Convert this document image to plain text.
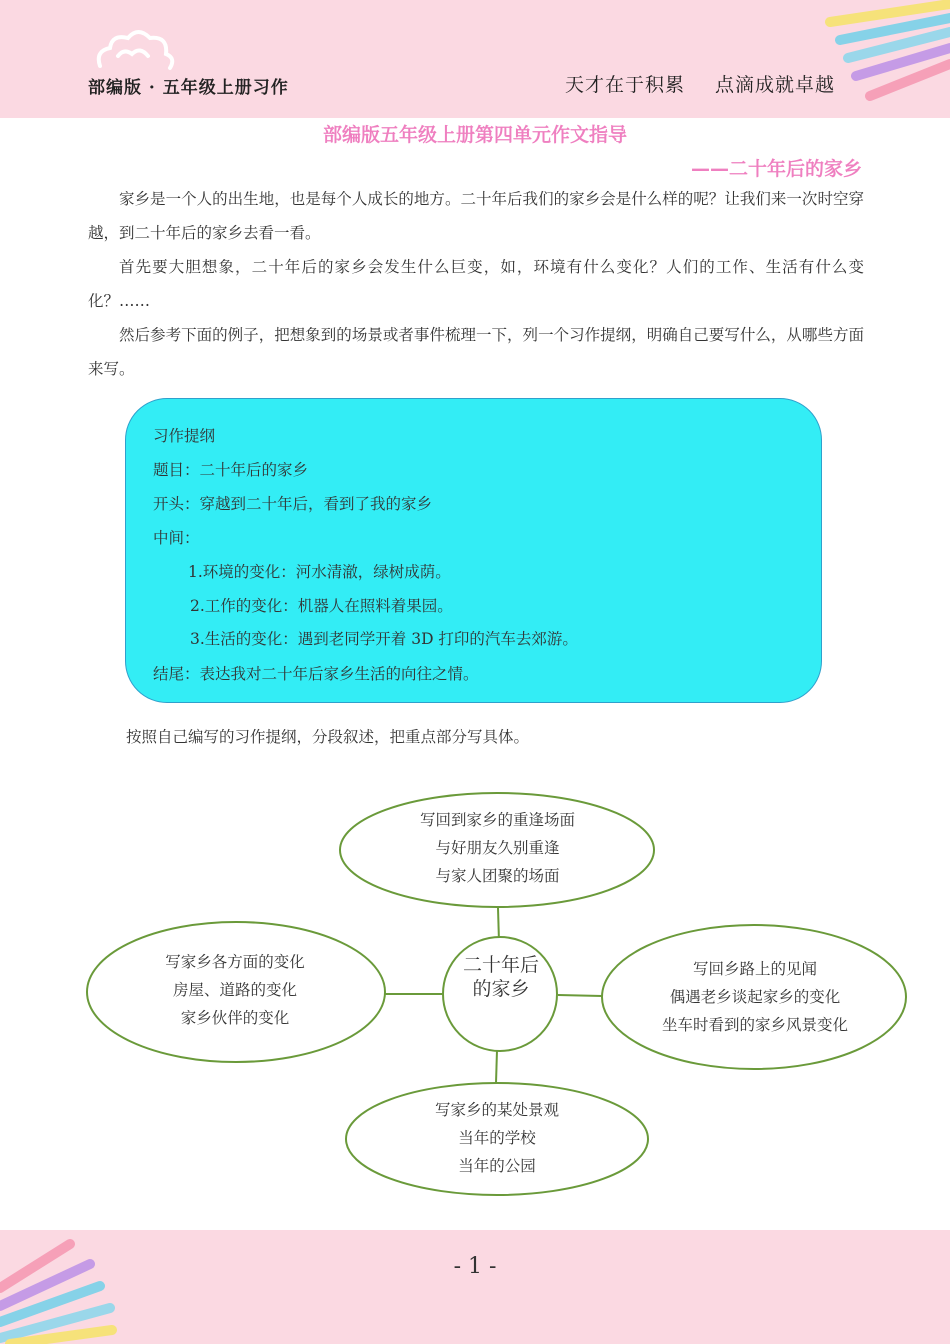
部编版 · 五年级上册习作	天才在于积累 点滴成就卓越
部编版五年级上册第四单元作文指导
——二十年后的家乡

家乡是一个人的出生地，也是每个人成长的地方。二十年后我们的家乡会是什么样的呢？让我们来一次时空穿越，到二十年后的家乡去看一看。

首先要大胆想象，二十年后的家乡会发生什么巨变，如，环境有什么变化？人们的工作、生活有什么变化？……

然后参考下面的例子，把想象到的场景或者事件梳理一下，列一个习作提纲，明确自己要写什么，从哪些方面来写。

习作提纲
题目：二十年后的家乡
开头：穿越到二十年后，看到了我的家乡
中间：
1.环境的变化：河水清澈，绿树成荫。
2.工作的变化：机器人在照料着果园。
3.生活的变化：遇到老同学开着 3D 打印的汽车去郊游。
结尾：表达我对二十年后家乡生活的向往之情。
按照自己编写的习作提纲，分段叙述，把重点部分写具体。
写回到家乡的重逢场面
与好朋友久别重逢
与家人团聚的场面
写家乡各方面的变化
房屋、道路的变化
家乡伙伴的变化
写回乡路上的见闻
偶遇老乡谈起家乡的变化
坐车时看到的家乡风景变化
写家乡的某处景观
当年的学校
当年的公园
二十年后的家乡
- 1 -
